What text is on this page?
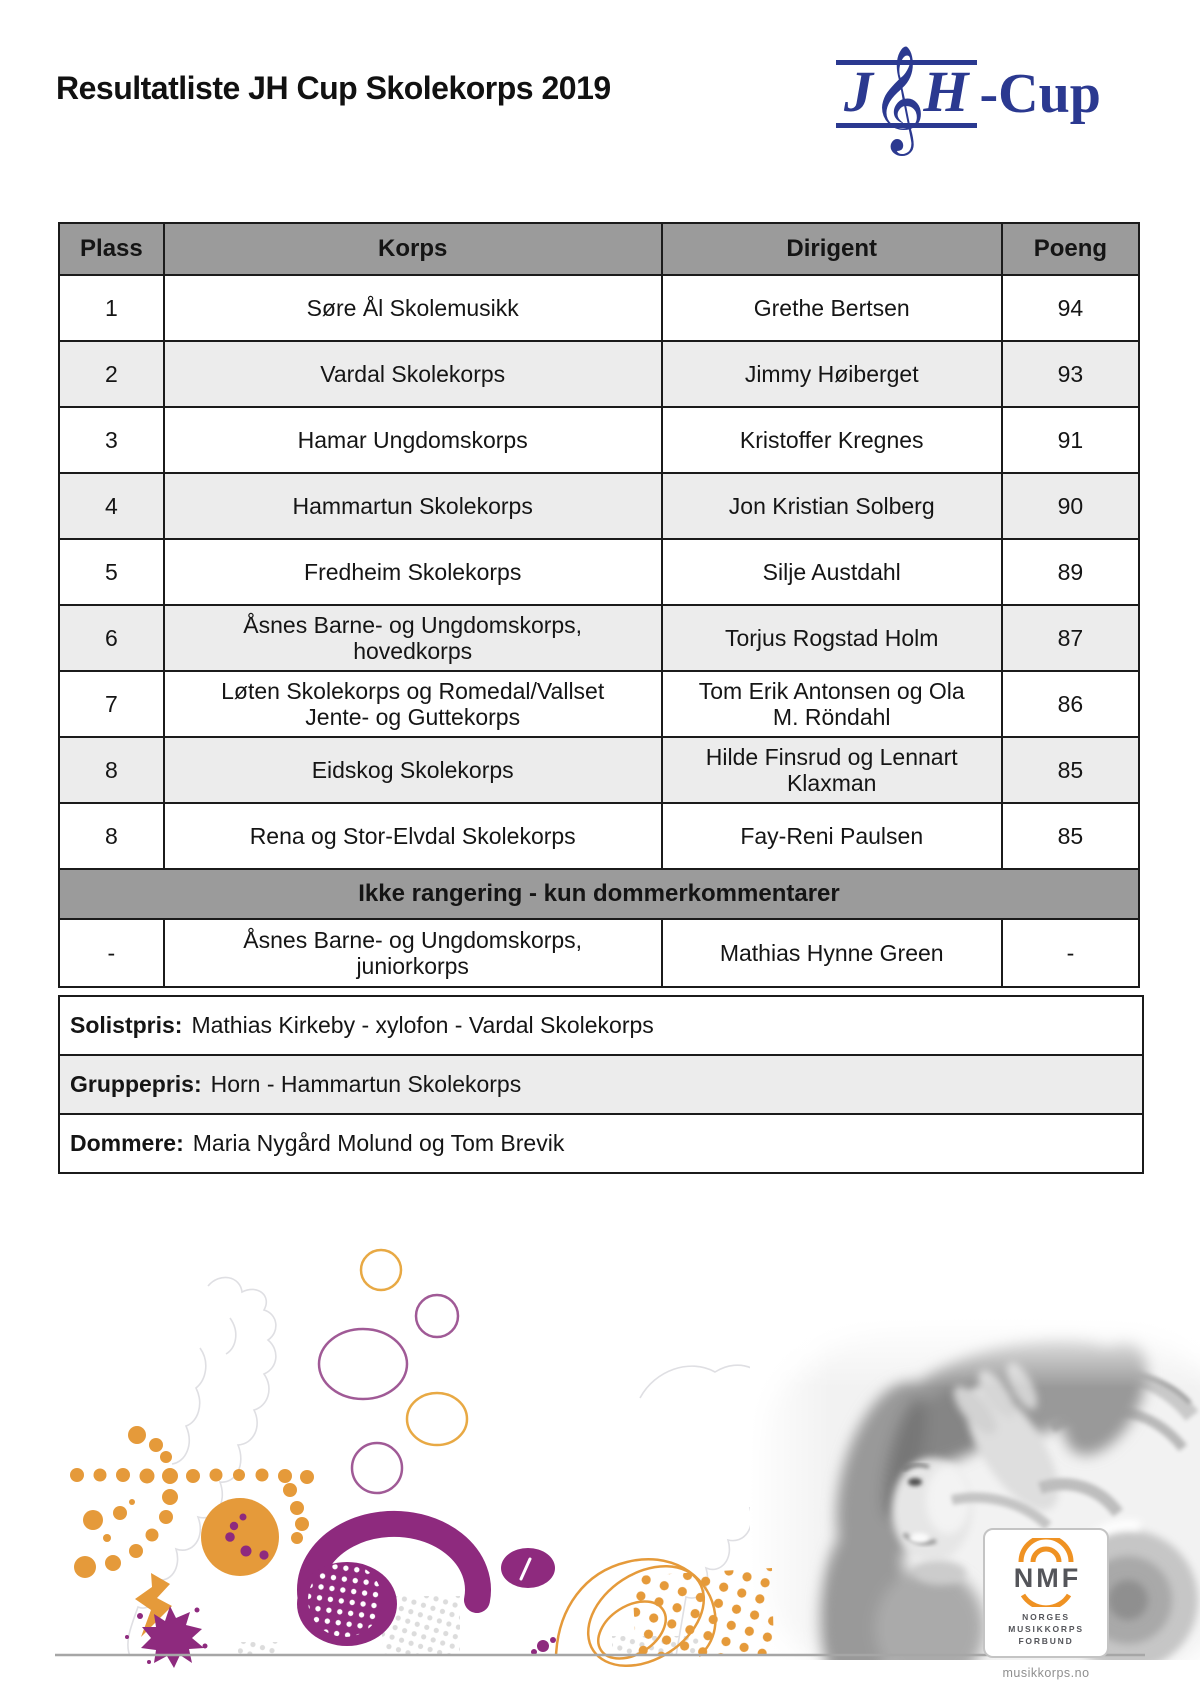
Resultatliste JH Cup Skolekorps 2019	J
𝄞
H -Cup
Plass	Korps	Dirigent	Poeng
1	Søre Ål Skolemusikk	Grethe Bertsen	94
2	Vardal Skolekorps	Jimmy Høiberget	93
3	Hamar Ungdomskorps	Kristoffer Kregnes	91
4	Hammartun Skolekorps	Jon Kristian Solberg	90
5	Fredheim Skolekorps	Silje Austdahl	89
6	Åsnes Barne- og Ungdomskorps, hovedkorps	Torjus Rogstad Holm	87
7	Løten Skolekorps og Romedal/Vallset Jente- og Guttekorps	Tom Erik Antonsen og Ola M. Röndahl	86
8	Eidskog Skolekorps	Hilde Finsrud og Lennart Klaxman	85
8	Rena og Stor-Elvdal Skolekorps	Fay-Reni Paulsen	85
Ikke rangering - kun dommerkommentarer			
-	Åsnes Barne- og Ungdomskorps, juniorkorps	Mathias Hynne Green	-
Solistpris: Mathias Kirkeby - xylofon - Vardal Skolekorps
Gruppepris: Horn - Hammartun Skolekorps
Dommere: Maria Nygård Molund og Tom Brevik
NMF
NORGES
MUSIKKORPS
FORBUND
musikkorps.no
